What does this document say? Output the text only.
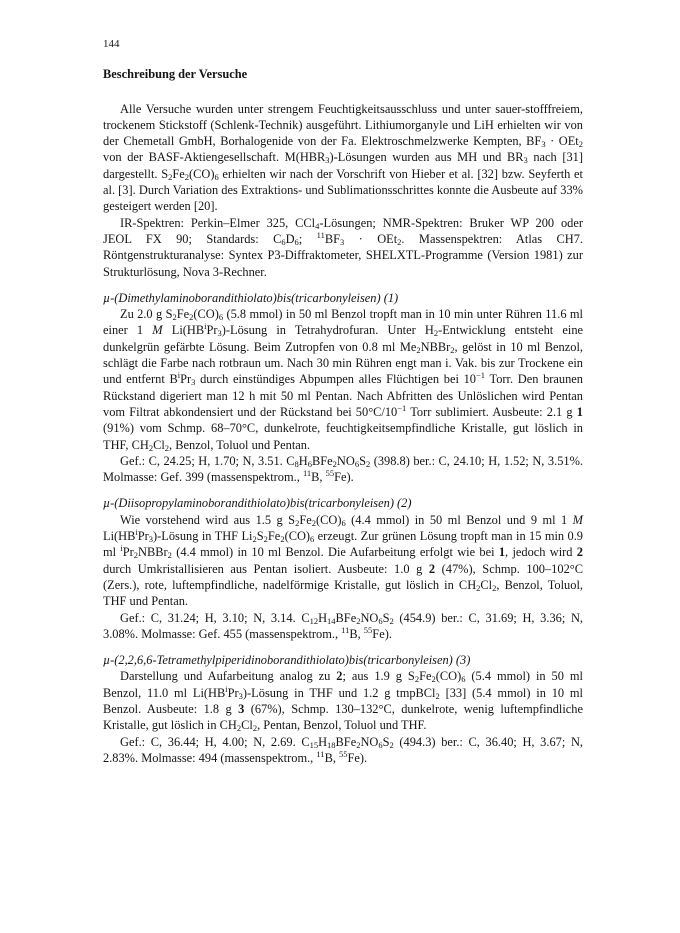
144
Beschreibung der Versuche

Alle Versuche wurden unter strengem Feuchtigkeitsausschluss und unter sauer-stofffreiem, trockenem Stickstoff (Schlenk-Technik) ausgeführt. Lithiumorganyle und LiH erhielten wir von der Chemetall GmbH, Borhalogenide von der Fa. Elektroschmelzwerke Kempten, $BF_3 \cdot OEt_2$ von der BASF-Aktiengesellschaft. $M(HBR_3)$-Lösungen wurden aus MH und $BR_3$ nach [31] dargestellt. $S_2Fe_2(CO)_6$ erhielten wir nach der Vorschrift von Hieber et al. [32] bzw. Seyferth et al. [3]. Durch Variation des Extraktions- und Sublimationsschrittes konnte die Ausbeute auf 33% gesteigert werden [20].

IR-Spektren: Perkin–Elmer 325, CCl$_4$-Lösungen; NMR-Spektren: Bruker WP 200 oder JEOL FX 90; Standards: $C_6D_6$; $^{11}BF_3 \cdot OEt_2$. Massenspektren: Atlas CH7. Röntgenstrukturanalyse: Syntex P3-Diffraktometer, SHELXTL-Programme (Version 1981) zur Strukturlösung, Nova 3-Rechner.

µ-(Dimethylaminoborandithiolato)bis(tricarbonyleisen) (1)

Zu 2.0 g $S_2Fe_2(CO)_6$ (5.8 mmol) in 50 ml Benzol tropft man in 10 min unter Rühren 11.6 ml einer 1 M $Li(HB^iPr_3)$-Lösung in Tetrahydrofuran. Unter $H_2$-Entwicklung entsteht eine dunkelgrün gefärbte Lösung. Beim Zutropfen von 0.8 ml $Me_2NBBr_2$, gelöst in 10 ml Benzol, schlägt die Farbe nach rotbraun um. Nach 30 min Rühren engt man i. Vak. bis zur Trockene ein und entfernt $B^iPr_3$ durch einstündiges Abpumpen alles Flüchtigen bei $10^{-1}$ Torr. Den braunen Rückstand digeriert man 12 h mit 50 ml Pentan. Nach Abfritten des Unlöslichen wird Pentan vom Filtrat abkondensiert und der Rückstand bei $50^\circ C/10^{-1}$ Torr sublimiert. Ausbeute: 2.1 g 1 (91%) vom Schmp. 68–70°C, dunkelrote, feuchtigkeitsempfindliche Kristalle, gut löslich in THF, $CH_2Cl_2$, Benzol, Toluol und Pentan.

Gef.: C, 24.25; H, 1.70; N, 3.51. $C_8H_6BFe_2NO_6S_2$ (398.8) ber.: C, 24.10; H, 1.52; N, 3.51%. Molmasse: Gef. 399 (massenspektrom., $^{11}$B, $^{55}$Fe).

µ-(Diisopropylaminoborandithiolato)bis(tricarbonyleisen) (2)

Wie vorstehend wird aus 1.5 g $S_2Fe_2(CO)_6$ (4.4 mmol) in 50 ml Benzol und 9 ml 1 M $Li(HB^iPr_3)$-Lösung in THF $Li_2S_2Fe_2(CO)_6$ erzeugt. Zur grünen Lösung tropft man in 15 min 0.9 ml $^iPr_2NBBr_2$ (4.4 mmol) in 10 ml Benzol. Die Aufarbeitung erfolgt wie bei 1, jedoch wird 2 durch Umkristallisieren aus Pentan isoliert. Ausbeute: 1.0 g 2 (47%), Schmp. 100–102°C (Zers.), rote, luftempfindliche, nadelförmige Kristalle, gut löslich in $CH_2Cl_2$, Benzol, Toluol, THF und Pentan.

Gef.: C, 31.24; H, 3.10; N, 3.14. $C_{12}H_{14}BFe_2NO_6S_2$ (454.9) ber.: C, 31.69; H, 3.36; N, 3.08%. Molmasse: Gef. 455 (massenspektrom., $^{11}$B, $^{55}$Fe).

µ-(2,2,6,6-Tetramethylpiperidinoborandithiolato)bis(tricarbonyleisen) (3)

Darstellung und Aufarbeitung analog zu 2; aus 1.9 g $S_2Fe_2(CO)_6$ (5.4 mmol) in 50 ml Benzol, 11.0 ml $Li(HB^iPr_3)$-Lösung in THF und 1.2 g tmpBCl$_2$ [33] (5.4 mmol) in 10 ml Benzol. Ausbeute: 1.8 g 3 (67%), Schmp. 130–132°C, dunkelrote, wenig luftempfindliche Kristalle, gut löslich in $CH_2Cl_2$, Pentan, Benzol, Toluol und THF.

Gef.: C, 36.44; H, 4.00; N, 2.69. $C_{15}H_{18}BFe_2NO_6S_2$ (494.3) ber.: C, 36.40; H, 3.67; N, 2.83%. Molmasse: 494 (massenspektrom., $^{11}$B, $^{55}$Fe).
